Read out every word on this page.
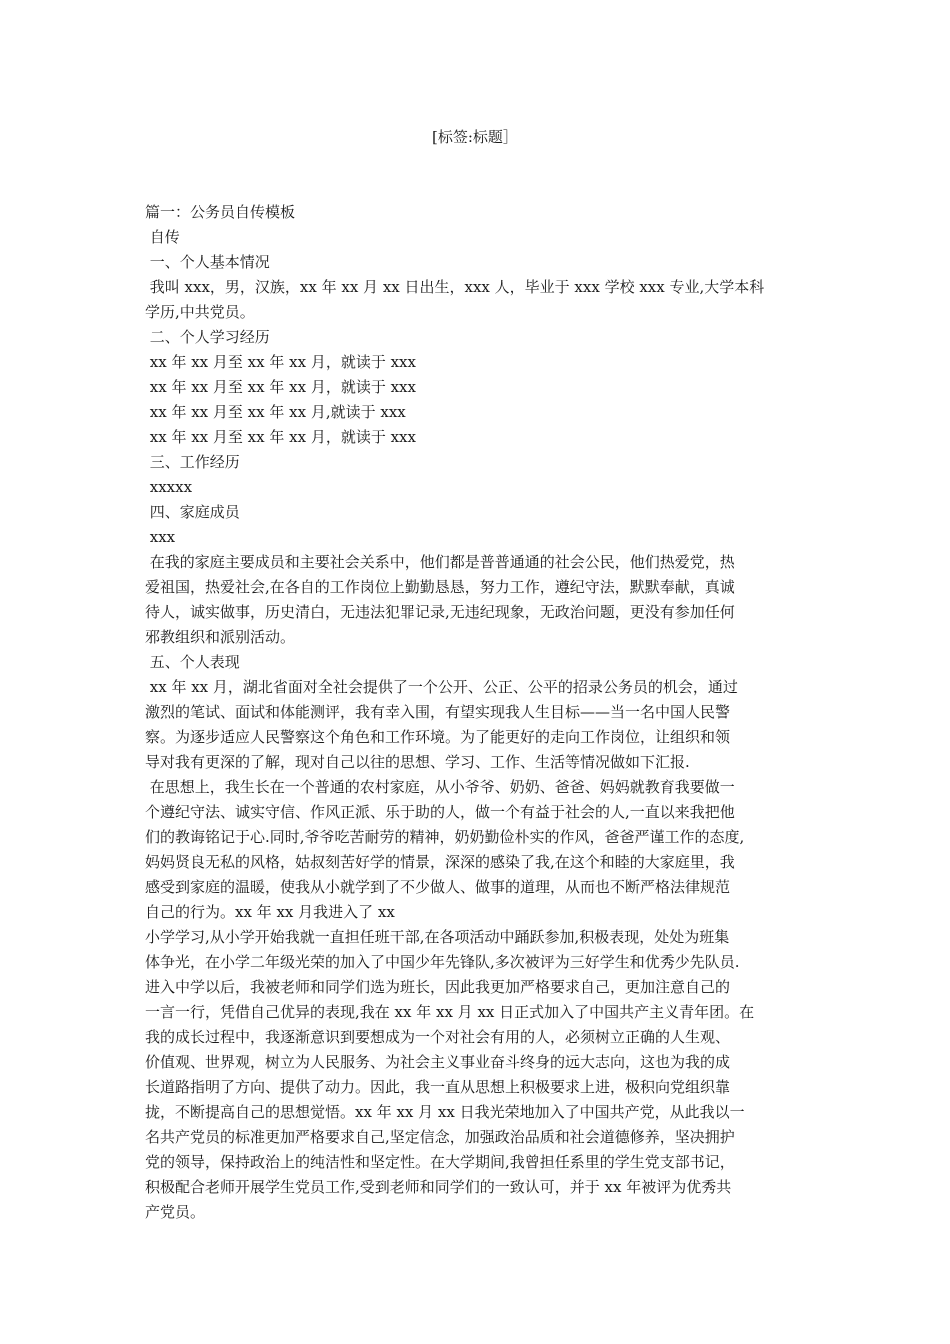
[标签:标题］
篇一：公务员自传模板
自传
一、个人基本情况
我叫 xxx，男，汉族，xx 年 xx 月 xx 日出生，xxx 人，毕业于 xxx 学校 xxx 专业,大学本科
学历,中共党员。
二、个人学习经历
xx 年 xx 月至 xx 年 xx 月，就读于 xxx
xx 年 xx 月至 xx 年 xx 月，就读于 xxx
xx 年 xx 月至 xx 年 xx 月,就读于 xxx
xx 年 xx 月至 xx 年 xx 月，就读于 xxx
三、工作经历
xxxxx
四、家庭成员
xxx
在我的家庭主要成员和主要社会关系中，他们都是普普通通的社会公民，他们热爱党，热
爱祖国，热爱社会,在各自的工作岗位上勤勤恳恳，努力工作，遵纪守法，默默奉献，真诚
待人，诚实做事，历史清白，无违法犯罪记录,无违纪现象，无政治问题，更没有参加任何
邪教组织和派别活动。
五、个人表现
xx 年 xx 月，湖北省面对全社会提供了一个公开、公正、公平的招录公务员的机会，通过
激烈的笔试、面试和体能测评，我有幸入围，有望实现我人生目标——当一名中国人民警
察。为逐步适应人民警察这个角色和工作环境。为了能更好的走向工作岗位，让组织和领
导对我有更深的了解，现对自己以往的思想、学习、工作、生活等情况做如下汇报.
在思想上，我生长在一个普通的农村家庭，从小爷爷、奶奶、爸爸、妈妈就教育我要做一
个遵纪守法、诚实守信、作风正派、乐于助的人，做一个有益于社会的人,一直以来我把他
们的教诲铭记于心.同时,爷爷吃苦耐劳的精神，奶奶勤俭朴实的作风，爸爸严谨工作的态度,
妈妈贤良无私的风格，姑叔刻苦好学的情景，深深的感染了我,在这个和睦的大家庭里，我
感受到家庭的温暖，使我从小就学到了不少做人、做事的道理，从而也不断严格法律规范
自己的行为。xx 年 xx 月我进入了 xx
小学学习,从小学开始我就一直担任班干部,在各项活动中踊跃参加,积极表现，处处为班集
体争光，在小学二年级光荣的加入了中国少年先锋队,多次被评为三好学生和优秀少先队员.
进入中学以后，我被老师和同学们选为班长，因此我更加严格要求自己，更加注意自己的
一言一行，凭借自己优异的表现,我在 xx 年 xx 月 xx 日正式加入了中国共产主义青年团。在
我的成长过程中，我逐渐意识到要想成为一个对社会有用的人，必须树立正确的人生观、
价值观、世界观，树立为人民服务、为社会主义事业奋斗终身的远大志向，这也为我的成
长道路指明了方向、提供了动力。因此，我一直从思想上积极要求上进，极积向党组织靠
拢，不断提高自己的思想觉悟。xx 年 xx 月 xx 日我光荣地加入了中国共产党，从此我以一
名共产党员的标准更加严格要求自己,坚定信念，加强政治品质和社会道德修养，坚决拥护
党的领导，保持政治上的纯洁性和坚定性。在大学期间,我曾担任系里的学生党支部书记，
积极配合老师开展学生党员工作,受到老师和同学们的一致认可，并于 xx 年被评为优秀共
产党员。
